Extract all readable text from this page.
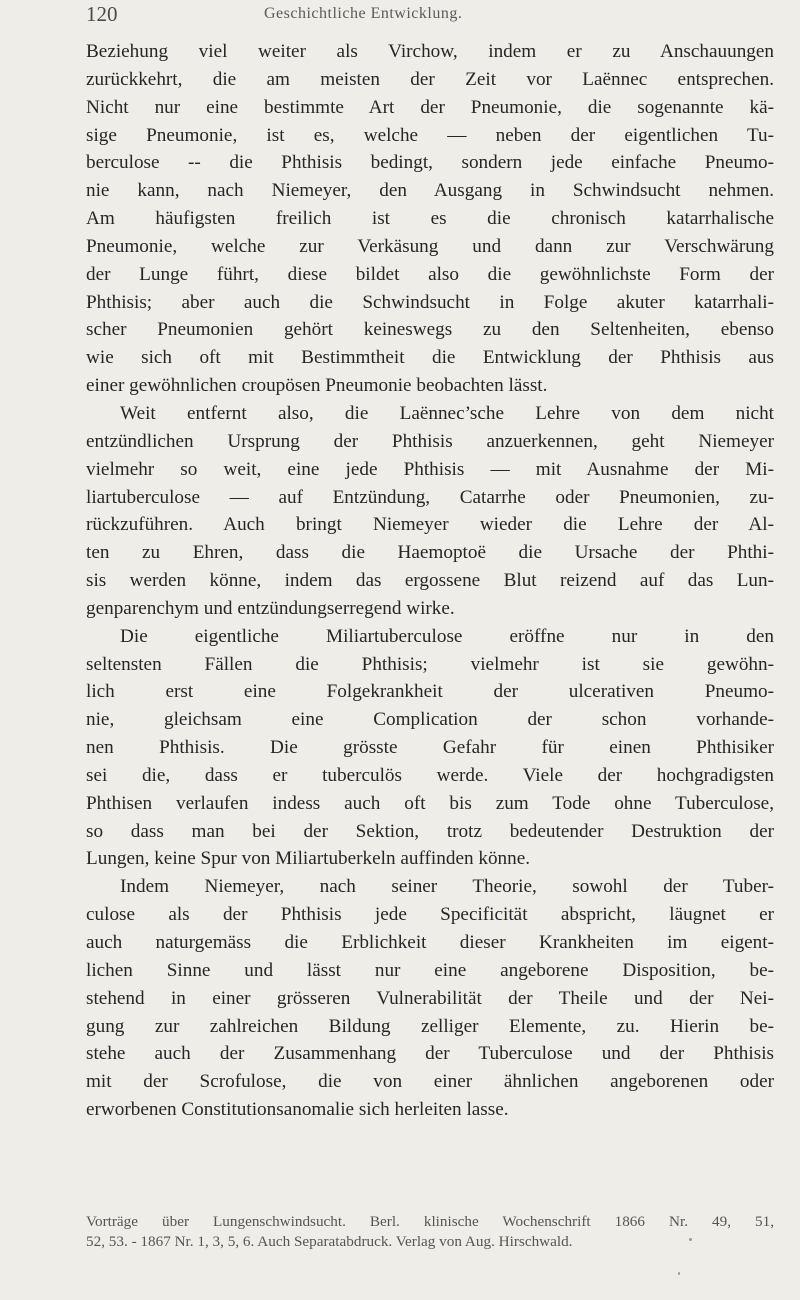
120	Geschichtliche Entwicklung.
Beziehung viel weiter als Virchow, indem er zu Anschauungen
zurückkehrt, die am meisten der Zeit vor Laënnec entsprechen.
Nicht nur eine bestimmte Art der Pneumonie, die sogenannte kä-
sige Pneumonie, ist es, welche — neben der eigentlichen Tu-
berculose -- die Phthisis bedingt, sondern jede einfache Pneumo-
nie kann, nach Niemeyer, den Ausgang in Schwindsucht nehmen.
Am häufigsten freilich ist es die chronisch katarrhalische
Pneumonie, welche zur Verkäsung und dann zur Verschwärung
der Lunge führt, diese bildet also die gewöhnlichste Form der
Phthisis; aber auch die Schwindsucht in Folge akuter katarrhali-
scher Pneumonien gehört keineswegs zu den Seltenheiten, ebenso
wie sich oft mit Bestimmtheit die Entwicklung der Phthisis aus
einer gewöhnlichen croupösen Pneumonie beobachten lässt.
Weit entfernt also, die Laënnec’sche Lehre von dem nicht
entzündlichen Ursprung der Phthisis anzuerkennen, geht Niemeyer
vielmehr so weit, eine jede Phthisis — mit Ausnahme der Mi-
liartuberculose — auf Entzündung, Catarrhe oder Pneumonien, zu-
rückzuführen. Auch bringt Niemeyer wieder die Lehre der Al-
ten zu Ehren, dass die Haemoptoë die Ursache der Phthi-
sis werden könne, indem das ergossene Blut reizend auf das Lun-
genparenchym und entzündungserregend wirke.
Die eigentliche Miliartuberculose eröffne nur in den
seltensten Fällen die Phthisis; vielmehr ist sie gewöhn-
lich erst eine Folgekrankheit der ulcerativen Pneumo-
nie, gleichsam eine Complication der schon vorhande-
nen Phthisis. Die grösste Gefahr für einen Phthisiker
sei die, dass er tuberculös werde. Viele der hochgradigsten
Phthisen verlaufen indess auch oft bis zum Tode ohne Tuberculose,
so dass man bei der Sektion, trotz bedeutender Destruktion der
Lungen, keine Spur von Miliartuberkeln auffinden könne.
Indem Niemeyer, nach seiner Theorie, sowohl der Tuber-
culose als der Phthisis jede Specificität abspricht, läugnet er
auch naturgemäss die Erblichkeit dieser Krankheiten im eigent-
lichen Sinne und lässt nur eine angeborene Disposition, be-
stehend in einer grösseren Vulnerabilität der Theile und der Nei-
gung zur zahlreichen Bildung zelliger Elemente, zu. Hierin be-
stehe auch der Zusammenhang der Tuberculose und der Phthisis
mit der Scrofulose, die von einer ähnlichen angeborenen oder
erworbenen Constitutionsanomalie sich herleiten lasse.
Vorträge über Lungenschwindsucht. Berl. klinische Wochenschrift 1866 Nr. 49, 51,
52, 53. - 1867 Nr. 1, 3, 5, 6. Auch Separatabdruck. Verlag von Aug. Hirschwald.
